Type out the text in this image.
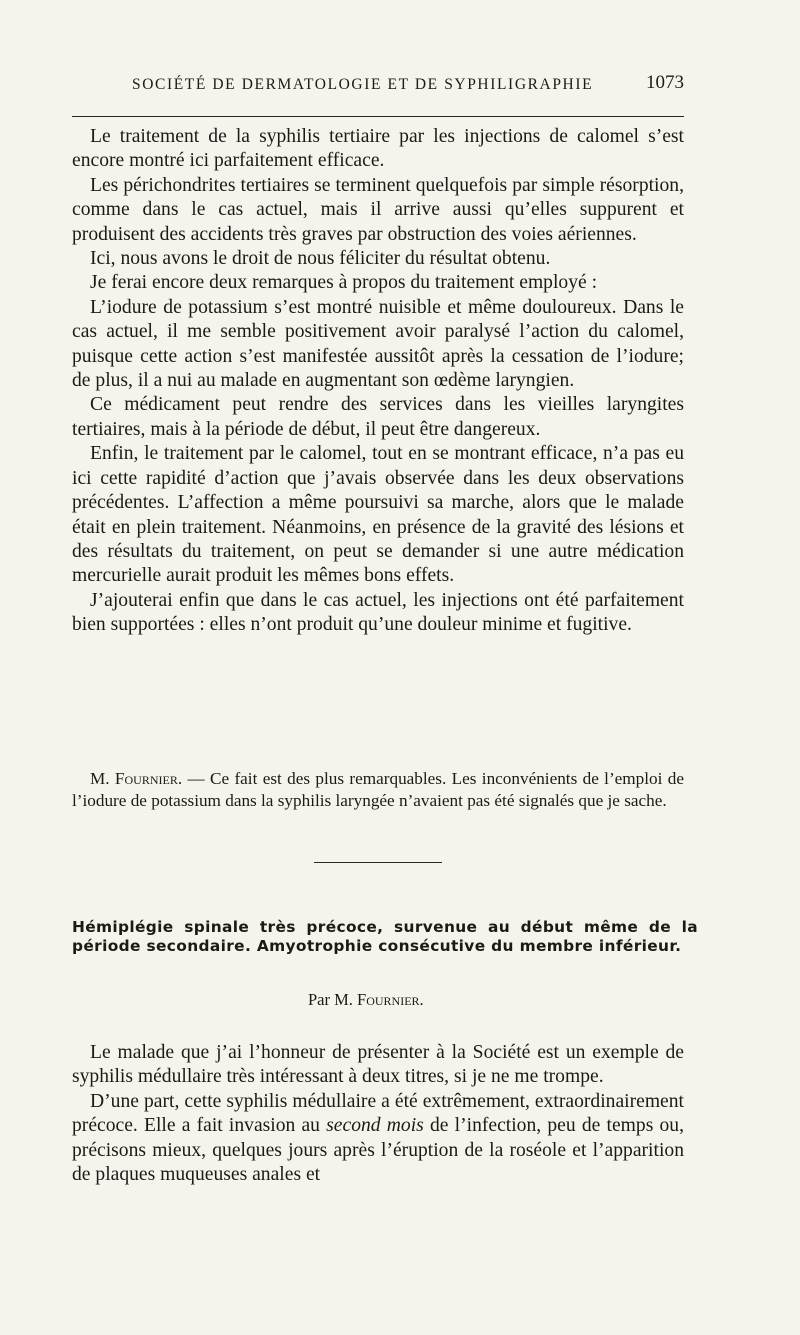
SOCIÉTÉ DE DERMATOLOGIE ET DE SYPHILIGRAPHIE	1073

Le traitement de la syphilis tertiaire par les injections de calomel s’est encore montré ici parfaitement efficace.

Les périchondrites tertiaires se terminent quelquefois par simple résorption, comme dans le cas actuel, mais il arrive aussi qu’elles suppurent et produisent des accidents très graves par obstruction des voies aériennes.

Ici, nous avons le droit de nous féliciter du résultat obtenu.

Je ferai encore deux remarques à propos du traitement employé :

L’iodure de potassium s’est montré nuisible et même douloureux. Dans le cas actuel, il me semble positivement avoir paralysé l’action du calomel, puisque cette action s’est manifestée aussitôt après la cessation de l’iodure; de plus, il a nui au malade en augmentant son œdème laryngien.

Ce médicament peut rendre des services dans les vieilles laryngites tertiaires, mais à la période de début, il peut être dangereux.

Enfin, le traitement par le calomel, tout en se montrant efficace, n’a pas eu ici cette rapidité d’action que j’avais observée dans les deux observations précédentes. L’affection a même poursuivi sa marche, alors que le malade était en plein traitement. Néanmoins, en présence de la gravité des lésions et des résultats du traitement, on peut se demander si une autre médication mercurielle aurait produit les mêmes bons effets.

J’ajouterai enfin que dans le cas actuel, les injections ont été parfaitement bien supportées : elles n’ont produit qu’une douleur minime et fugitive.

M. Fournier. — Ce fait est des plus remarquables. Les inconvénients de l’emploi de l’iodure de potassium dans la syphilis laryngée n’avaient pas été signalés que je sache.

Hémiplégie spinale très précoce, survenue au début même de la période secondaire. Amyotrophie consécutive du membre inférieur.

Par M. Fournier.

Le malade que j’ai l’honneur de présenter à la Société est un exemple de syphilis médullaire très intéressant à deux titres, si je ne me trompe.

D’une part, cette syphilis médullaire a été extrêmement, extraordinairement précoce. Elle a fait invasion au second mois de l’infection, peu de temps ou, précisons mieux, quelques jours après l’éruption de la roséole et l’apparition de plaques muqueuses anales et
